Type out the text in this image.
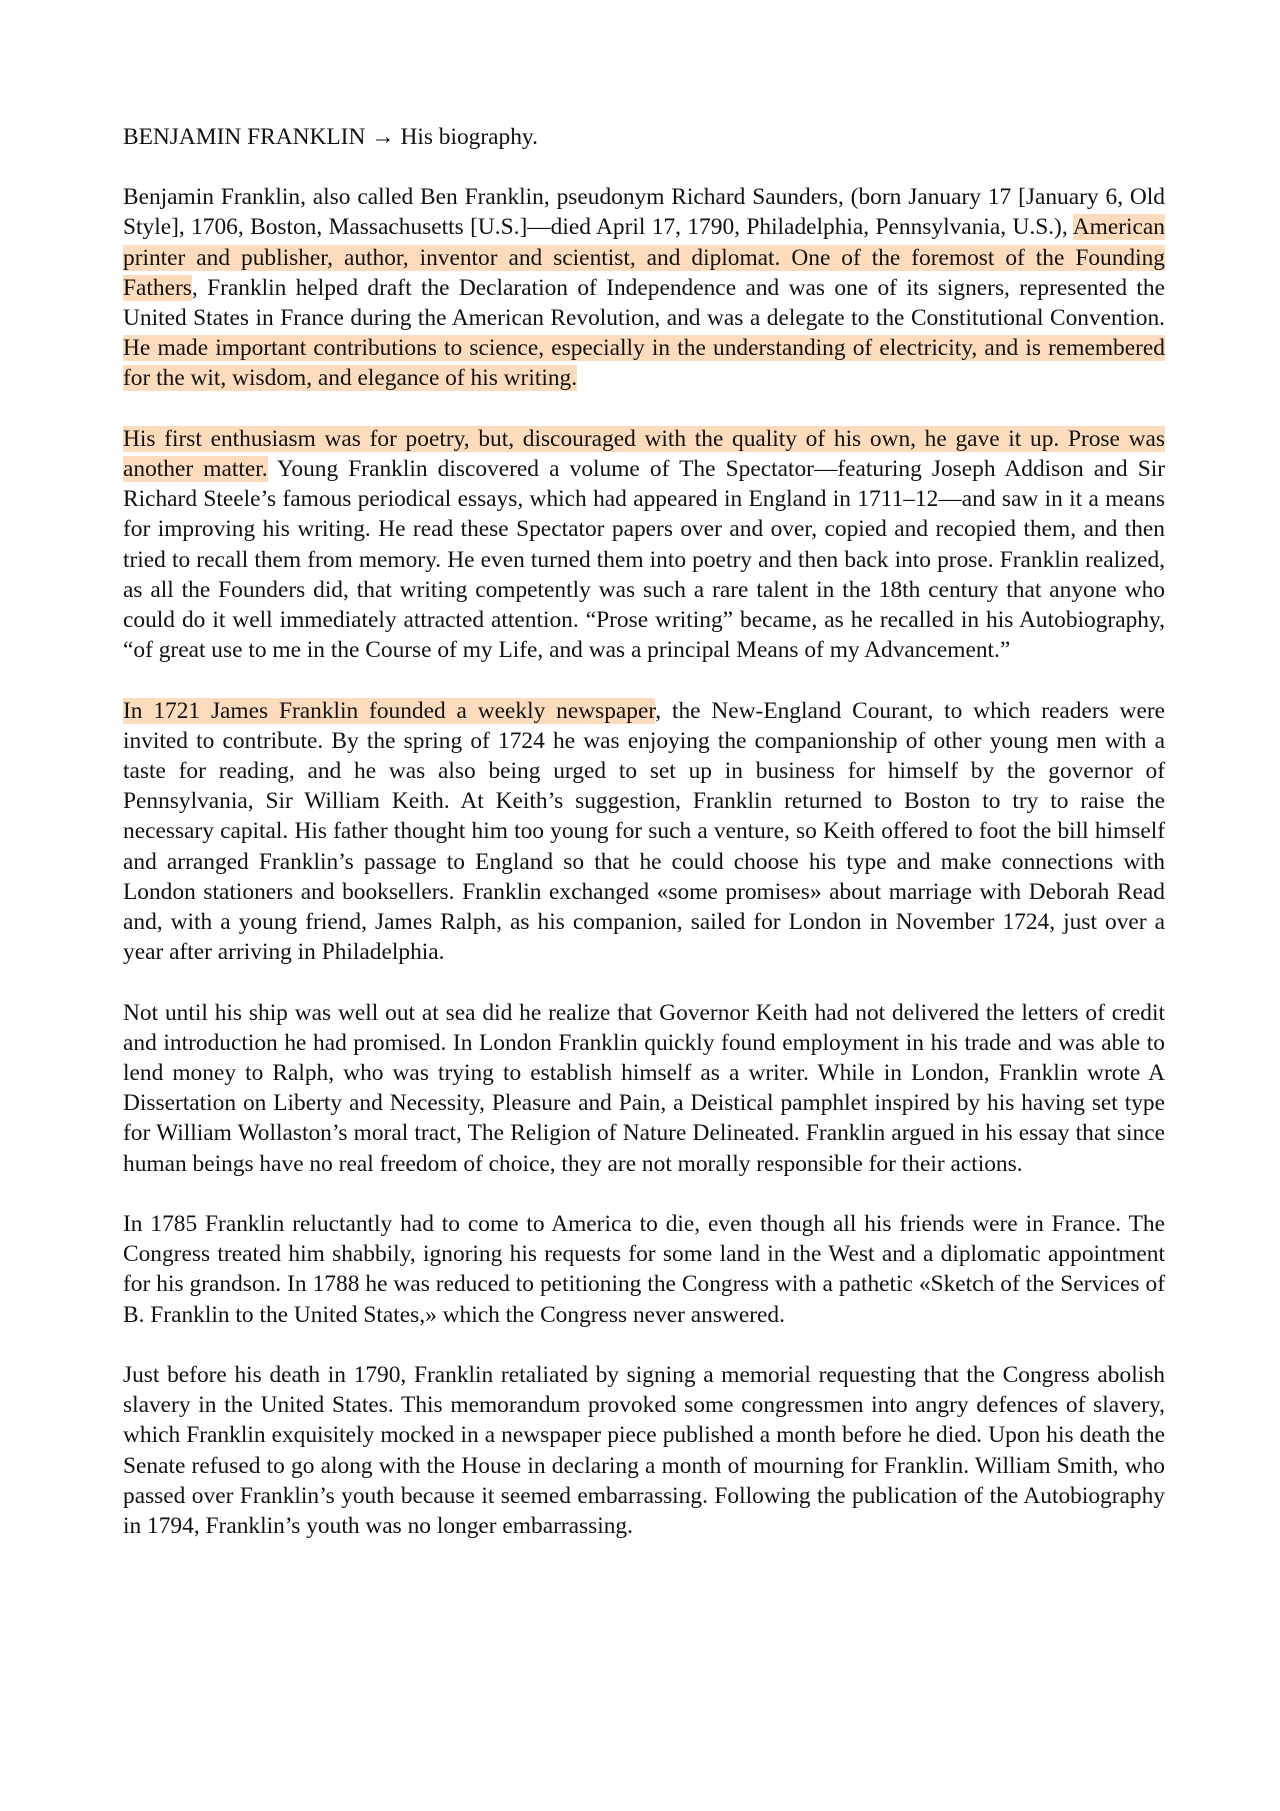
BENJAMIN FRANKLIN → His biography.

Benjamin Franklin, also called Ben Franklin, pseudonym Richard Saunders, (born January 17 [January 6, Old Style], 1706, Boston, Massachusetts [U.S.]—died April 17, 1790, Philadelphia, Pennsylvania, U.S.), American printer and publisher, author, inventor and scientist, and diplomat. One of the foremost of the Founding Fathers, Franklin helped draft the Declaration of Independence and was one of its signers, represented the United States in France during the American Revolution, and was a delegate to the Constitutional Convention. He made important contributions to science, especially in the understanding of electricity, and is remembered for the wit, wisdom, and elegance of his writing.

His first enthusiasm was for poetry, but, discouraged with the quality of his own, he gave it up. Prose was another matter. Young Franklin discovered a volume of The Spectator—featuring Joseph Addison and Sir Richard Steele’s famous periodical essays, which had appeared in England in 1711–12—and saw in it a means for improving his writing. He read these Spectator papers over and over, copied and recopied them, and then tried to recall them from memory. He even turned them into poetry and then back into prose. Franklin realized, as all the Founders did, that writing competently was such a rare talent in the 18th century that anyone who could do it well immediately attracted attention. “Prose writing” became, as he recalled in his Autobiography, “of great use to me in the Course of my Life, and was a principal Means of my Advancement.”

In 1721 James Franklin founded a weekly newspaper, the New-England Courant, to which readers were invited to contribute. By the spring of 1724 he was enjoying the companionship of other young men with a taste for reading, and he was also being urged to set up in business for himself by the governor of Pennsylvania, Sir William Keith. At Keith’s suggestion, Franklin returned to Boston to try to raise the necessary capital. His father thought him too young for such a venture, so Keith offered to foot the bill himself and arranged Franklin’s passage to England so that he could choose his type and make connections with London stationers and booksellers. Franklin exchanged «some promises» about marriage with Deborah Read and, with a young friend, James Ralph, as his companion, sailed for London in November 1724, just over a year after arriving in Philadelphia.

Not until his ship was well out at sea did he realize that Governor Keith had not delivered the letters of credit and introduction he had promised. In London Franklin quickly found employment in his trade and was able to lend money to Ralph, who was trying to establish himself as a writer. While in London, Franklin wrote A Dissertation on Liberty and Necessity, Pleasure and Pain, a Deistical pamphlet inspired by his having set type for William Wollaston’s moral tract, The Religion of Nature Delineated. Franklin argued in his essay that since human beings have no real freedom of choice, they are not morally responsible for their actions.

In 1785 Franklin reluctantly had to come to America to die, even though all his friends were in France. The Congress treated him shabbily, ignoring his requests for some land in the West and a diplomatic appointment for his grandson. In 1788 he was reduced to petitioning the Congress with a pathetic «Sketch of the Services of B. Franklin to the United States,» which the Congress never answered.

Just before his death in 1790, Franklin retaliated by signing a memorial requesting that the Congress abolish slavery in the United States. This memorandum provoked some congressmen into angry defences of slavery, which Franklin exquisitely mocked in a newspaper piece published a month before he died. Upon his death the Senate refused to go along with the House in declaring a month of mourning for Franklin. William Smith, who passed over Franklin’s youth because it seemed embarrassing. Following the publication of the Autobiography in 1794, Franklin’s youth was no longer embarrassing.
